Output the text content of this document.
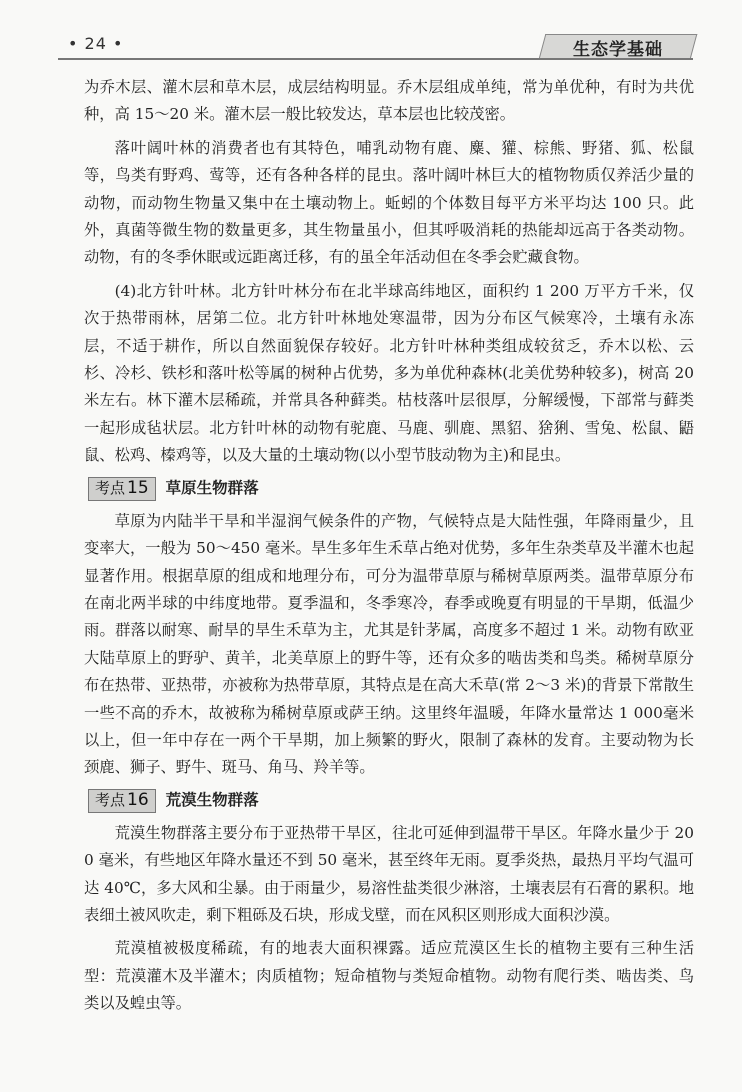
• 24 •	生态学基础

为乔木层、灌木层和草木层，成层结构明显。乔木层组成单纯，常为单优种，有时为共优种，高 15～20 米。灌木层一般比较发达，草本层也比较茂密。

落叶阔叶林的消费者也有其特色，哺乳动物有鹿、麋、獾、棕熊、野猪、狐、松鼠等，鸟类有野鸡、莺等，还有各种各样的昆虫。落叶阔叶林巨大的植物物质仅养活少量的动物，而动物生物量又集中在土壤动物上。蚯蚓的个体数目每平方米平均达 100 只。此外，真菌等微生物的数量更多，其生物量虽小，但其呼吸消耗的热能却远高于各类动物。动物，有的冬季休眠或远距离迁移，有的虽全年活动但在冬季会贮藏食物。

(4)北方针叶林。北方针叶林分布在北半球高纬地区，面积约 1 200 万平方千米，仅次于热带雨林，居第二位。北方针叶林地处寒温带，因为分布区气候寒冷，土壤有永冻层，不适于耕作，所以自然面貌保存较好。北方针叶林种类组成较贫乏，乔木以松、云杉、冷杉、铁杉和落叶松等属的树种占优势，多为单优种森林(北美优势种较多)，树高 20 米左右。林下灌木层稀疏，并常具各种藓类。枯枝落叶层很厚，分解缓慢，下部常与藓类一起形成毡状层。北方针叶林的动物有驼鹿、马鹿、驯鹿、黑貂、猞猁、雪兔、松鼠、鼯鼠、松鸡、榛鸡等，以及大量的土壤动物(以小型节肢动物为主)和昆虫。

考点 15 草原生物群落

草原为内陆半干旱和半湿润气候条件的产物，气候特点是大陆性强，年降雨量少，且变率大，一般为 50～450 毫米。旱生多年生禾草占绝对优势，多年生杂类草及半灌木也起显著作用。根据草原的组成和地理分布，可分为温带草原与稀树草原两类。温带草原分布在南北两半球的中纬度地带。夏季温和，冬季寒冷，春季或晚夏有明显的干旱期，低温少雨。群落以耐寒、耐旱的旱生禾草为主，尤其是针茅属，高度多不超过 1 米。动物有欧亚大陆草原上的野驴、黄羊，北美草原上的野牛等，还有众多的啮齿类和鸟类。稀树草原分布在热带、亚热带，亦被称为热带草原，其特点是在高大禾草(常 2～3 米)的背景下常散生一些不高的乔木，故被称为稀树草原或萨王纳。这里终年温暖，年降水量常达 1 000毫米以上，但一年中存在一两个干旱期，加上频繁的野火，限制了森林的发育。主要动物为长颈鹿、狮子、野牛、斑马、角马、羚羊等。

考点 16 荒漠生物群落

荒漠生物群落主要分布于亚热带干旱区，往北可延伸到温带干旱区。年降水量少于 200 毫米，有些地区年降水量还不到 50 毫米，甚至终年无雨。夏季炎热，最热月平均气温可达 40℃，多大风和尘暴。由于雨量少，易溶性盐类很少淋溶，土壤表层有石膏的累积。地表细土被风吹走，剩下粗砾及石块，形成戈壁，而在风积区则形成大面积沙漠。

荒漠植被极度稀疏，有的地表大面积裸露。适应荒漠区生长的植物主要有三种生活型：荒漠灌木及半灌木；肉质植物；短命植物与类短命植物。动物有爬行类、啮齿类、鸟类以及蝗虫等。
